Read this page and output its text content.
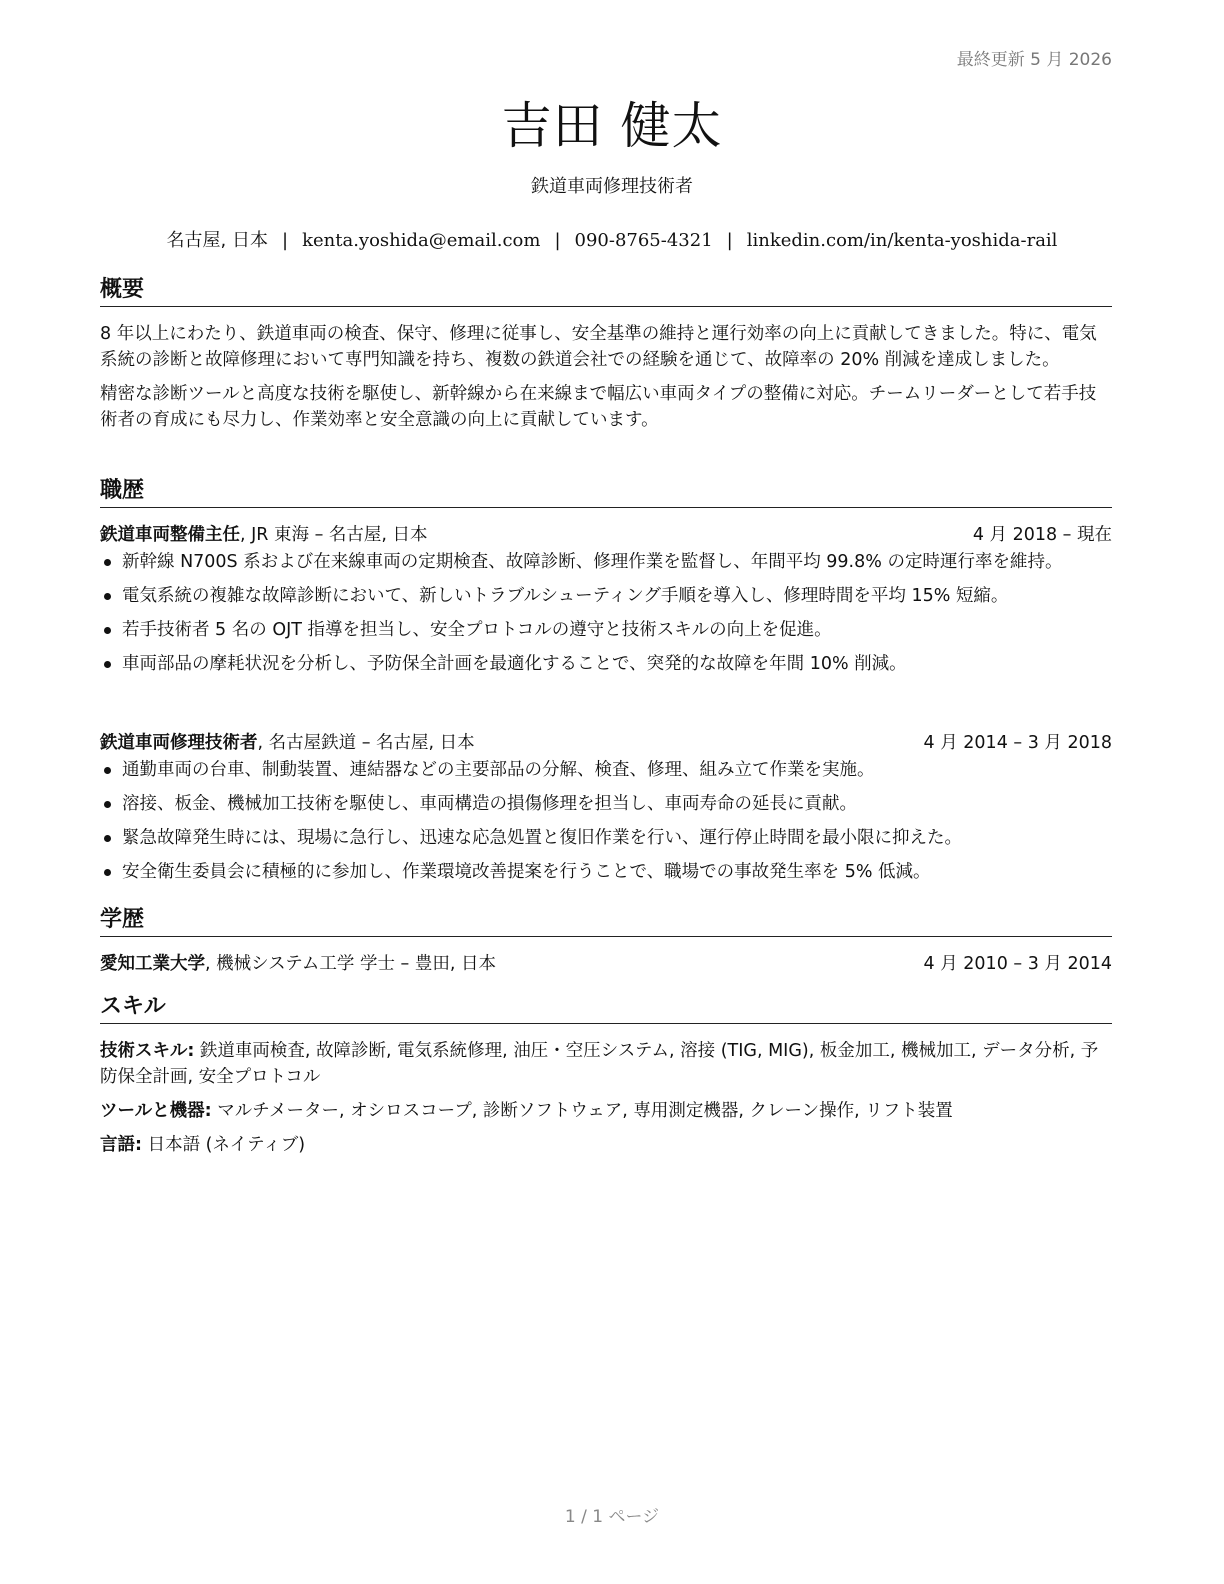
最終更新 5 月 2026
吉田 健太
鉄道車両修理技術者
名古屋, 日本 | kenta.yoshida@email.com | 090-8765-4321 | linkedin.com/in/kenta-yoshida-rail
概要

8 年以上にわたり、鉄道車両の検査、保守、修理に従事し、安全基準の維持と運行効率の向上に貢献してきました。特に、電気系統の診断と故障修理において専門知識を持ち、複数の鉄道会社での経験を通じて、故障率の 20% 削減を達成しました。

精密な診断ツールと高度な技術を駆使し、新幹線から在来線まで幅広い車両タイプの整備に対応。チームリーダーとして若手技術者の育成にも尽力し、作業効率と安全意識の向上に貢献しています。

職歴
鉄道車両整備主任, JR 東海 – 名古屋, 日本	4 月 2018 – 現在
新幹線 N700S 系および在来線車両の定期検査、故障診断、修理作業を監督し、年間平均 99.8% の定時運行率を維持。
電気系統の複雑な故障診断において、新しいトラブルシューティング手順を導入し、修理時間を平均 15% 短縮。
若手技術者 5 名の OJT 指導を担当し、安全プロトコルの遵守と技術スキルの向上を促進。
車両部品の摩耗状況を分析し、予防保全計画を最適化することで、突発的な故障を年間 10% 削減。
鉄道車両修理技術者, 名古屋鉄道 – 名古屋, 日本	4 月 2014 – 3 月 2018
通勤車両の台車、制動装置、連結器などの主要部品の分解、検査、修理、組み立て作業を実施。
溶接、板金、機械加工技術を駆使し、車両構造の損傷修理を担当し、車両寿命の延長に貢献。
緊急故障発生時には、現場に急行し、迅速な応急処置と復旧作業を行い、運行停止時間を最小限に抑えた。
安全衛生委員会に積極的に参加し、作業環境改善提案を行うことで、職場での事故発生率を 5% 低減。
学歴
愛知工業大学, 機械システム工学 学士 – 豊田, 日本	4 月 2010 – 3 月 2014
スキル
技術スキル: 鉄道車両検査, 故障診断, 電気系統修理, 油圧・空圧システム, 溶接 (TIG, MIG), 板金加工, 機械加工, データ分析, 予防保全計画, 安全プロトコル
ツールと機器: マルチメーター, オシロスコープ, 診断ソフトウェア, 専用測定機器, クレーン操作, リフト装置
言語: 日本語 (ネイティブ)
1 / 1 ページ
